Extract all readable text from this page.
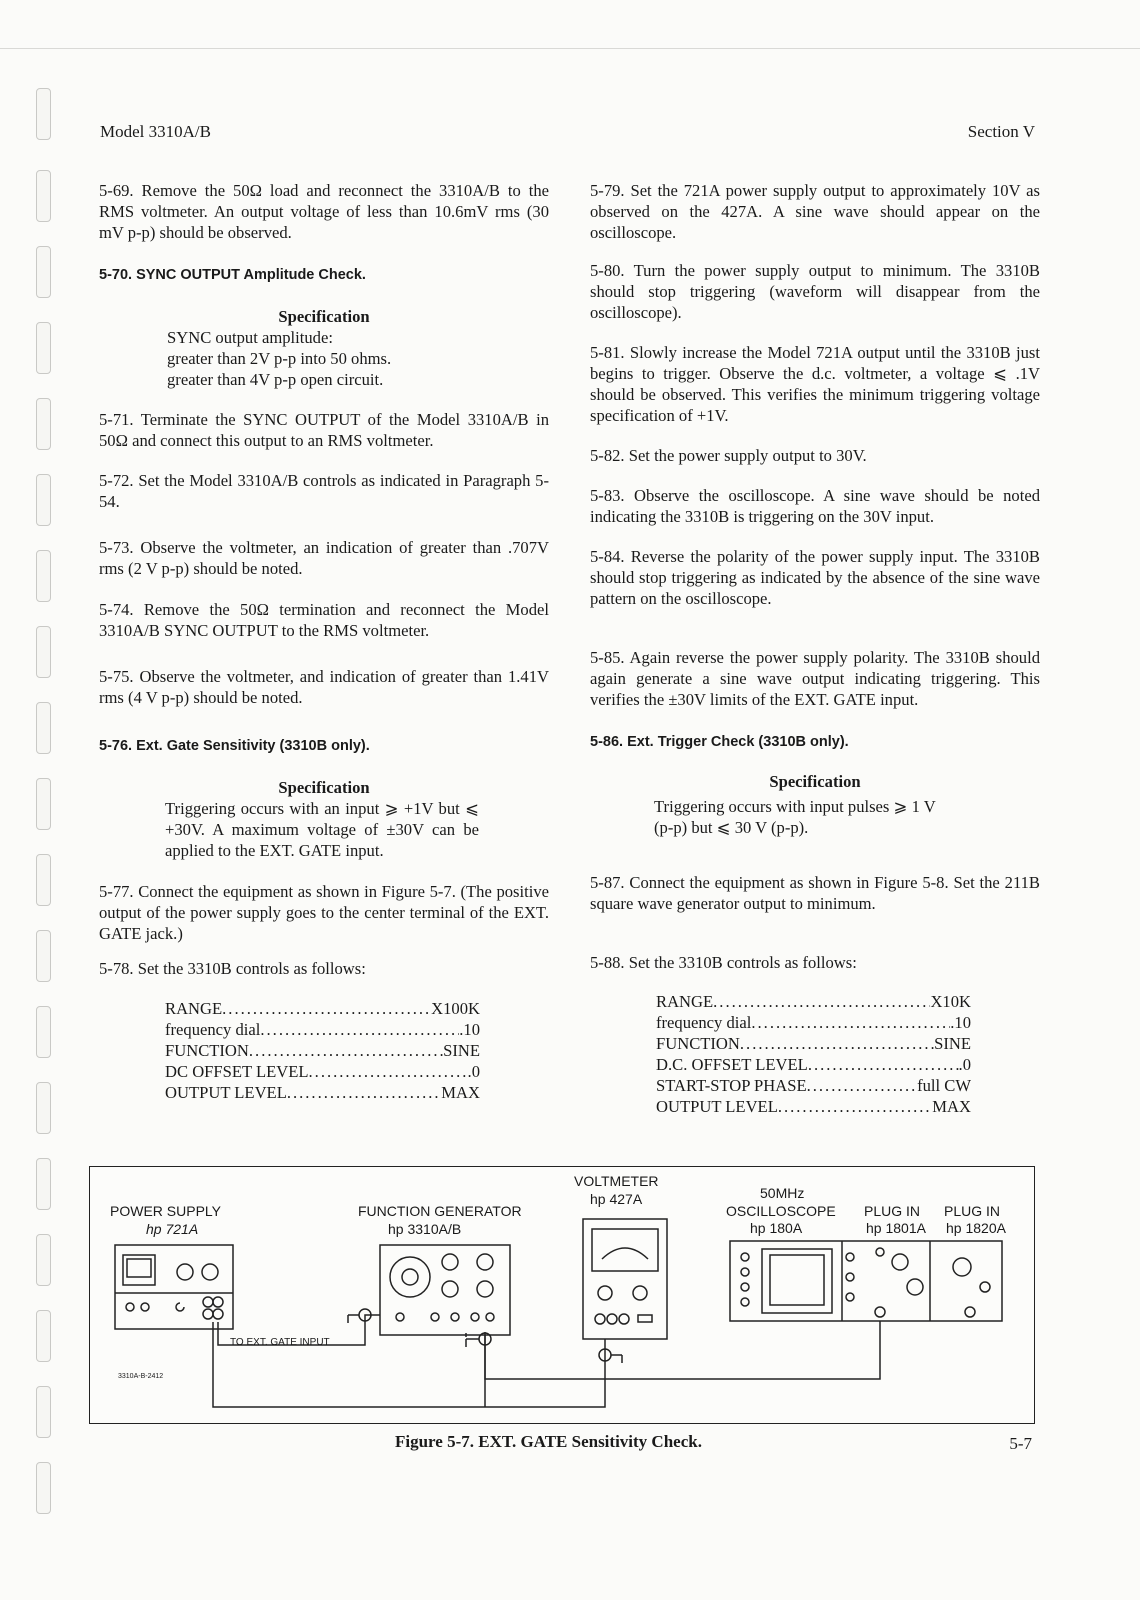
Model 3310A/B	Section V

5-69. Remove the 50Ω load and reconnect the 3310A/B to the RMS voltmeter. An output voltage of less than 10.6mV rms (30 mV p-p) should be observed.

5-70. SYNC OUTPUT Amplitude Check.

Specification

SYNC output amplitude:
greater than 2V p-p into 50 ohms.
greater than 4V p-p open circuit.

5-71. Terminate the SYNC OUTPUT of the Model 3310A/B in 50Ω and connect this output to an RMS voltmeter.

5-72. Set the Model 3310A/B controls as indicated in Paragraph 5-54.

5-73. Observe the voltmeter, an indication of greater than .707V rms (2 V p-p) should be noted.

5-74. Remove the 50Ω termination and reconnect the Model 3310A/B SYNC OUTPUT to the RMS voltmeter.

5-75. Observe the voltmeter, and indication of greater than 1.41V rms (4 V p-p) should be noted.

5-76. Ext. Gate Sensitivity (3310B only).

Specification

Triggering occurs with an input ⩾ +1V but ⩽ +30V. A maximum voltage of ±30V can be applied to the EXT. GATE input.

5-77. Connect the equipment as shown in Figure 5-7. (The positive output of the power supply goes to the center terminal of the EXT. GATE jack.)

5-78. Set the 3310B controls as follows:

RANGE .....	X100K
frequency dial .....	.10
FUNCTION .....	SINE
DC OFFSET LEVEL .....	.0
OUTPUT LEVEL .....	MAX

5-79. Set the 721A power supply output to approximately 10V as observed on the 427A. A sine wave should appear on the oscilloscope.

5-80. Turn the power supply output to minimum. The 3310B should stop triggering (waveform will disappear from the oscilloscope).

5-81. Slowly increase the Model 721A output until the 3310B just begins to trigger. Observe the d.c. voltmeter, a voltage ⩽ .1V should be observed. This verifies the minimum triggering voltage specification of +1V.

5-82. Set the power supply output to 30V.

5-83. Observe the oscilloscope. A sine wave should be noted indicating the 3310B is triggering on the 30V input.

5-84. Reverse the polarity of the power supply input. The 3310B should stop triggering as indicated by the absence of the sine wave pattern on the oscilloscope.

5-85. Again reverse the power supply polarity. The 3310B should again generate a sine wave output indicating triggering. This verifies the ±30V limits of the EXT. GATE input.

5-86. Ext. Trigger Check (3310B only).

Specification

Triggering occurs with input pulses ⩾ 1 V
(p-p) but ⩽ 30 V (p-p).

5-87. Connect the equipment as shown in Figure 5-8. Set the 211B square wave generator output to minimum.

5-88. Set the 3310B controls as follows:

RANGE .....	X10K
frequency dial .....	.10
FUNCTION .....	SINE
D.C. OFFSET LEVEL .....	.0
START-STOP PHASE .....	full CW
OUTPUT LEVEL .....	MAX
POWER SUPPLY
hp 721A
FUNCTION GENERATOR
hp 3310A/B
VOLTMETER
hp 427A	50MHz
OSCILLOSCOPE
hp 180A
PLUG IN
hp 1801A
PLUG IN
hp 1820A
TO EXT. GATE INPUT
3310A-B-2412
Figure 5-7. EXT. GATE Sensitivity Check.	5-7
